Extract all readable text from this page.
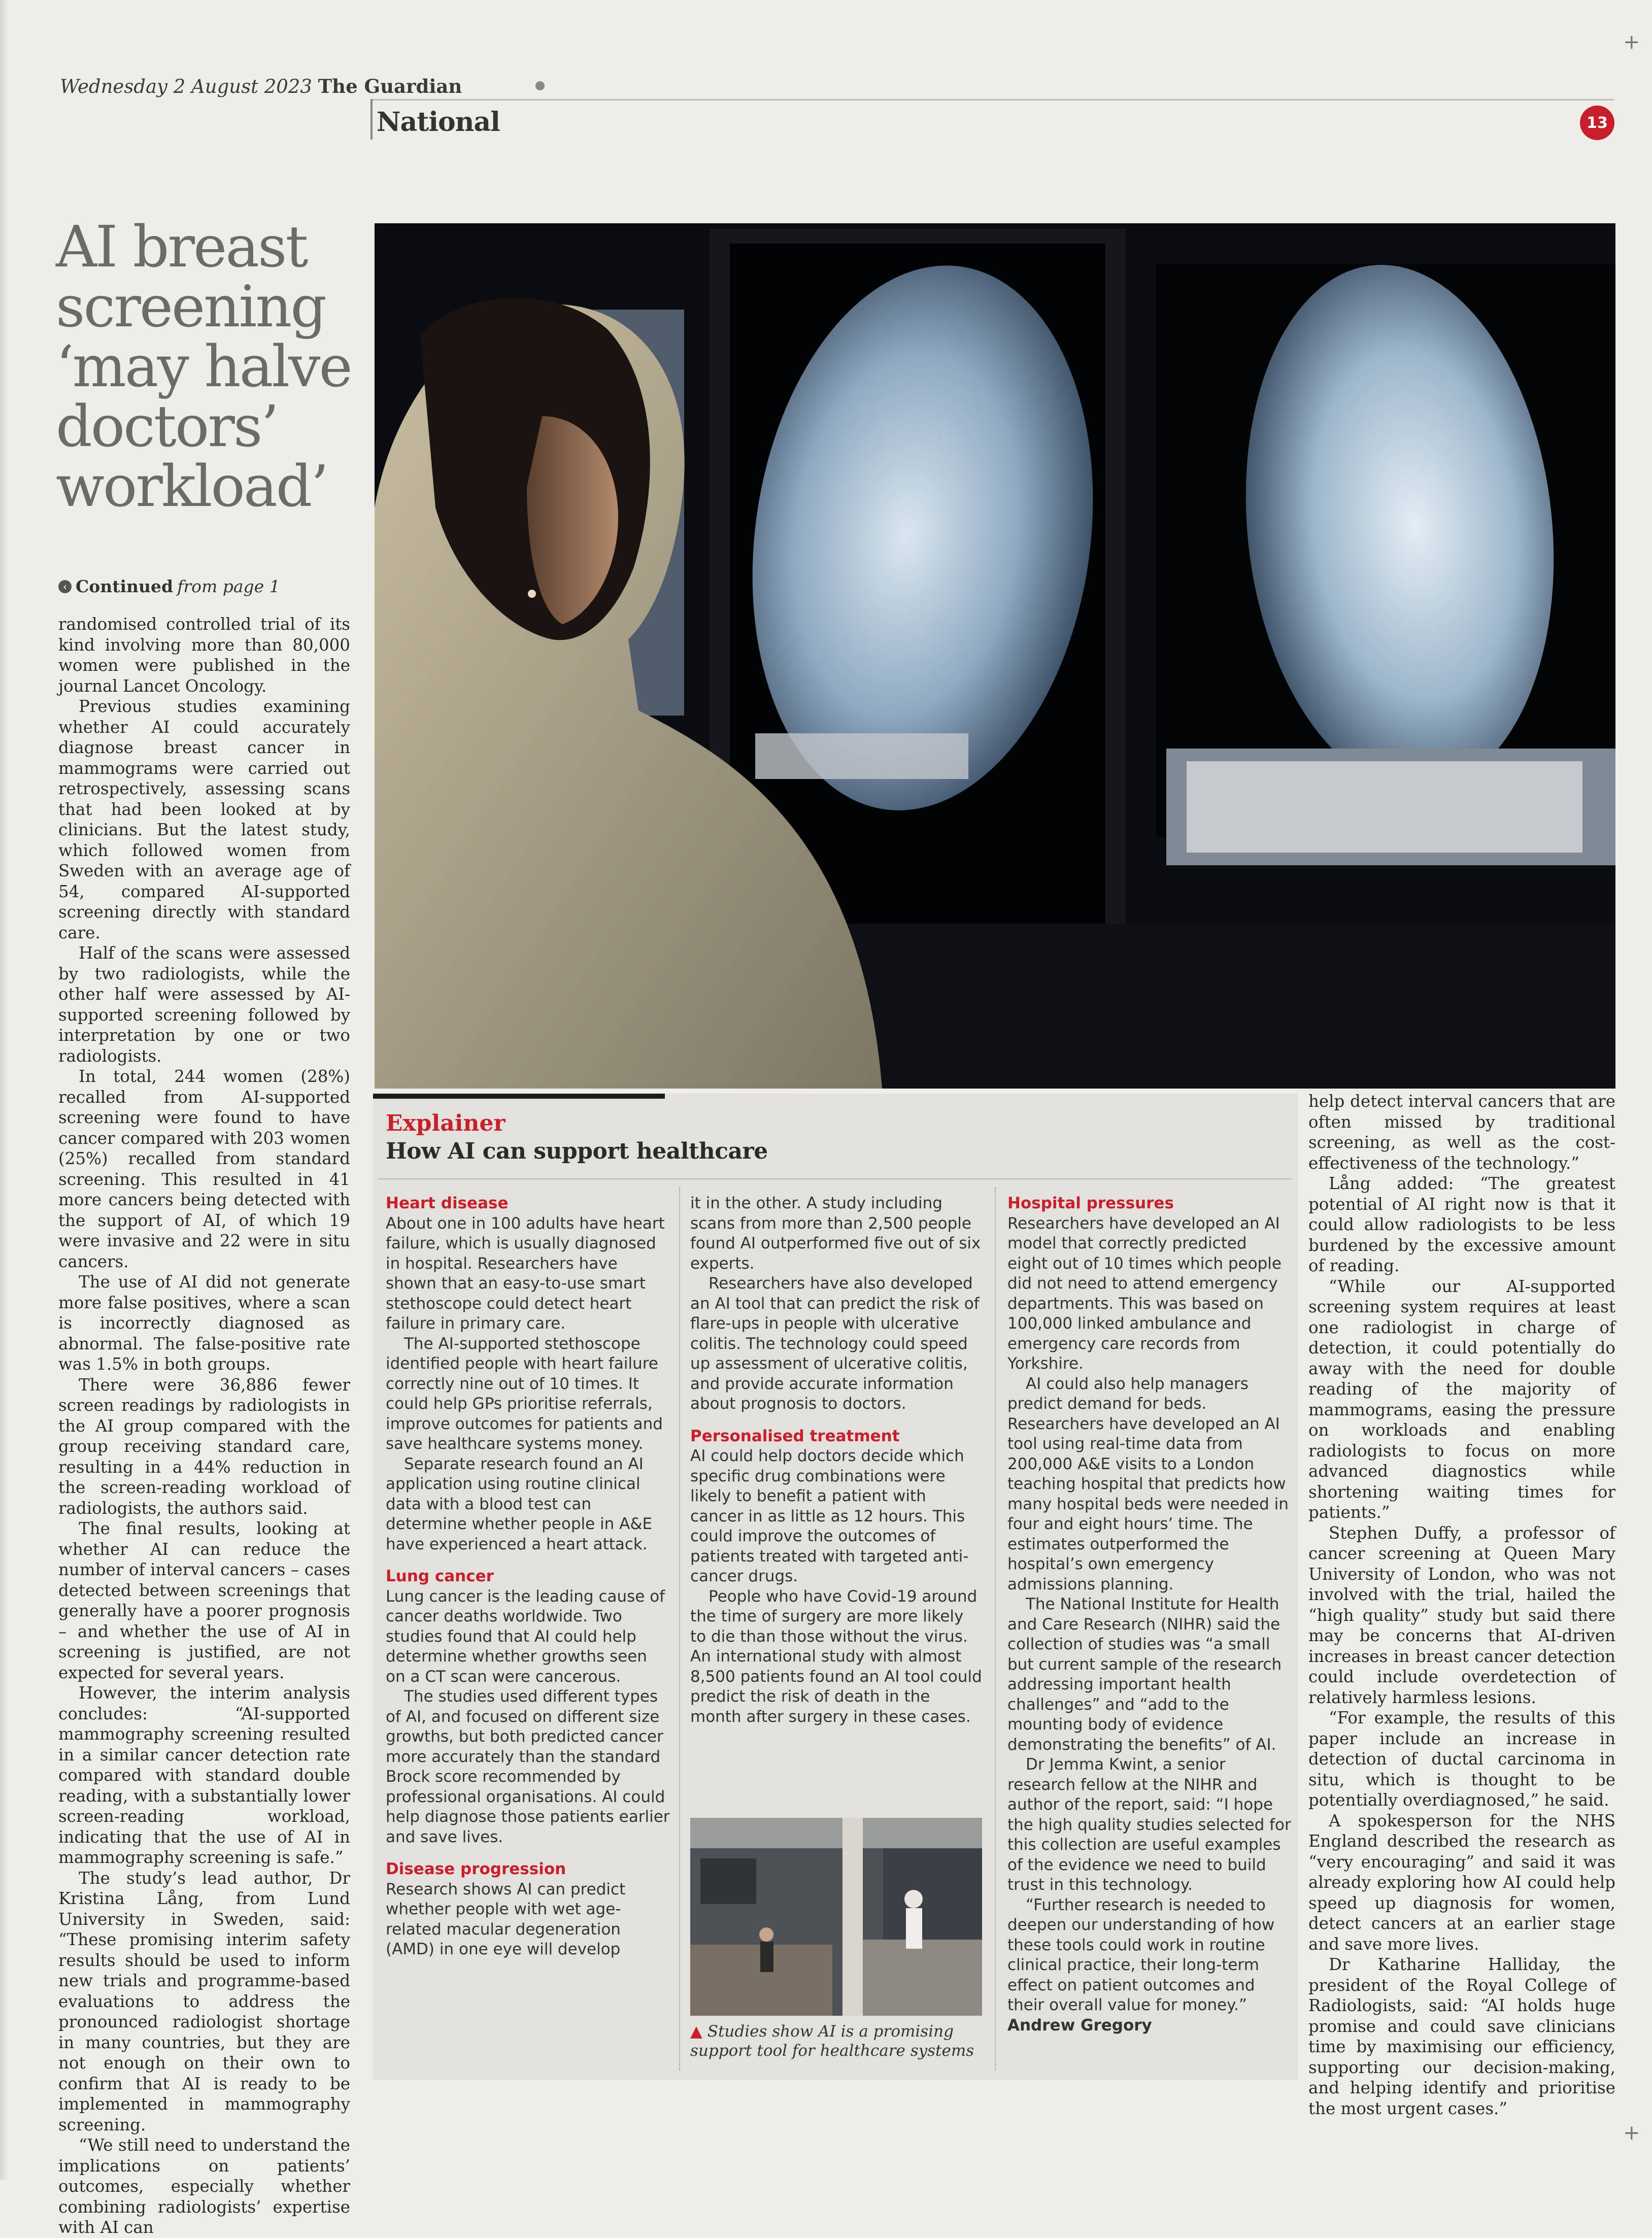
+
+
Wednesday 2 August 2023 The Guardian
National	13
AI breast screening ‘may halve doctors’ workload’
‹ Continued from page 1

randomised controlled trial of its kind involving more than 80,000 women were published in the journal Lancet Oncology.

Previous studies examining whether AI could accurately diagnose breast cancer in mammograms were carried out retrospectively, assessing scans that had been looked at by clinicians. But the latest study, which followed women from Sweden with an average age of 54, compared AI-supported screening directly with standard care.

Half of the scans were assessed by two radiologists, while the other half were assessed by AI-supported screening followed by interpretation by one or two radiologists.

In total, 244 women (28%) recalled from AI-supported screening were found to have cancer compared with 203 women (25%) recalled from standard screening. This resulted in 41 more cancers being detected with the support of AI, of which 19 were invasive and 22 were in situ cancers.

The use of AI did not generate more false positives, where a scan is incorrectly diagnosed as abnormal. The false-positive rate was 1.5% in both groups.

There were 36,886 fewer screen readings by radiologists in the AI group compared with the group receiving standard care, resulting in a 44% reduction in the screen-reading workload of radiologists, the authors said.

The final results, looking at whether AI can reduce the number of interval cancers – cases detected between screenings that generally have a poorer prognosis – and whether the use of AI in screening is justified, are not expected for several years.

However, the interim analysis concludes: “AI-supported mammography screening resulted in a similar cancer detection rate compared with standard double reading, with a substantially lower screen-reading workload, indicating that the use of AI in mammography screening is safe.”

The study’s lead author, Dr Kristina Lång, from Lund University in Sweden, said: “These promising interim safety results should be used to inform new trials and programme-based evaluations to address the pronounced radiologist shortage in many countries, but they are not enough on their own to confirm that AI is ready to be implemented in mammography screening.

“We still need to understand the implications on patients’ outcomes, especially whether combining radiologists’ expertise with AI can

Explainer
How AI can support healthcare

Heart disease

About one in 100 adults have heart failure, which is usually diagnosed in hospital. Researchers have shown that an easy-to-use smart stethoscope could detect heart failure in primary care.

The AI-supported stethoscope identified people with heart failure correctly nine out of 10 times. It could help GPs prioritise referrals, improve outcomes for patients and save healthcare systems money.

Separate research found an AI application using routine clinical data with a blood test can determine whether people in A&E have experienced a heart attack.

Lung cancer

Lung cancer is the leading cause of cancer deaths worldwide. Two studies found that AI could help determine whether growths seen on a CT scan were cancerous.

The studies used different types of AI, and focused on different size growths, but both predicted cancer more accurately than the standard Brock score recommended by professional organisations. AI could help diagnose those patients earlier and save lives.

Disease progression

Research shows AI can predict whether people with wet age-related macular degeneration (AMD) in one eye will develop

it in the other. A study including scans from more than 2,500 people found AI outperformed five out of six experts.

Researchers have also developed an AI tool that can predict the risk of flare-ups in people with ulcerative colitis. The technology could speed up assessment of ulcerative colitis, and provide accurate information about prognosis to doctors.

Personalised treatment

AI could help doctors decide which specific drug combinations were likely to benefit a patient with cancer in as little as 12 hours. This could improve the outcomes of patients treated with targeted anti-cancer drugs.

People who have Covid-19 around the time of surgery are more likely to die than those without the virus. An international study with almost 8,500 patients found an AI tool could predict the risk of death in the month after surgery in these cases.

▲ Studies show AI is a promising support tool for healthcare systems

Hospital pressures

Researchers have developed an AI model that correctly predicted eight out of 10 times which people did not need to attend emergency departments. This was based on 100,000 linked ambulance and emergency care records from Yorkshire.

AI could also help managers predict demand for beds. Researchers have developed an AI tool using real-time data from 200,000 A&E visits to a London teaching hospital that predicts how many hospital beds were needed in four and eight hours’ time. The estimates outperformed the hospital’s own emergency admissions planning.

The National Institute for Health and Care Research (NIHR) said the collection of studies was “a small but current sample of the research addressing important health challenges” and “add to the mounting body of evidence demonstrating the benefits” of AI.

Dr Jemma Kwint, a senior research fellow at the NIHR and author of the report, said: “I hope the high quality studies selected for this collection are useful examples of the evidence we need to build trust in this technology.

“Further research is needed to deepen our understanding of how these tools could work in routine clinical practice, their long-term effect on patient outcomes and their overall value for money.”

Andrew Gregory

help detect interval cancers that are often missed by traditional screening, as well as the cost-effectiveness of the technology.”

Lång added: “The greatest potential of AI right now is that it could allow radiologists to be less burdened by the excessive amount of reading.

“While our AI-supported screening system requires at least one radiologist in charge of detection, it could potentially do away with the need for double reading of the majority of mammograms, easing the pressure on workloads and enabling radiologists to focus on more advanced diagnostics while shortening waiting times for patients.”

Stephen Duffy, a professor of cancer screening at Queen Mary University of London, who was not involved with the trial, hailed the “high quality” study but said there may be concerns that AI-driven increases in breast cancer detection could include overdetection of relatively harmless lesions.

“For example, the results of this paper include an increase in detection of ductal carcinoma in situ, which is thought to be potentially overdiagnosed,” he said.

A spokesperson for the NHS England described the research as “very encouraging” and said it was already exploring how AI could help speed up diagnosis for women, detect cancers at an earlier stage and save more lives.

Dr Katharine Halliday, the president of the Royal College of Radiologists, said: “AI holds huge promise and could save clinicians time by maximising our efficiency, supporting our decision-making, and helping identify and prioritise the most urgent cases.”
